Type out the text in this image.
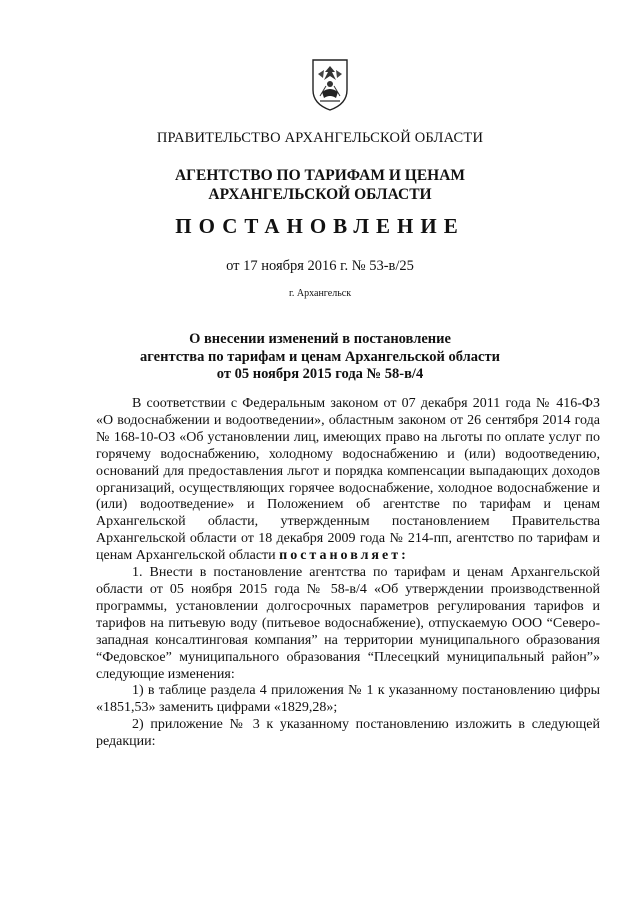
ПРАВИТЕЛЬСТВО АРХАНГЕЛЬСКОЙ ОБЛАСТИ
АГЕНТСТВО ПО ТАРИФАМ И ЦЕНАМ
АРХАНГЕЛЬСКОЙ ОБЛАСТИ
ПОСТАНОВЛЕНИЕ
от 17 ноября 2016 г. № 53-в/25
г. Архангельск
О внесении изменений в постановление
агентства по тарифам и ценам Архангельской области
от 05 ноября 2015 года № 58-в/4

В соответствии с Федеральным законом от 07 декабря 2011 года № 416-ФЗ «О водоснабжении и водоотведении», областным законом от 26 сентября 2014 года № 168-10-ОЗ «Об установлении лиц, имеющих право на льготы по оплате услуг по горячему водоснабжению, холодному водоснабжению и (или) водоотведению, оснований для предоставления льгот и порядка компенсации выпадающих доходов организаций, осуществляющих горячее водоснабжение, холодное водоснабжение и (или) водоотведение» и Положением об агентстве по тарифам и ценам Архангельской области, утвержденным постановлением Правительства Архангельской области от 18 декабря 2009 года № 214-пп, агентство по тарифам и ценам Архангельской области постановляет:

1. Внести в постановление агентства по тарифам и ценам Архангельской области от 05 ноября 2015 года № 58-в/4 «Об утверждении производственной программы, установлении долгосрочных параметров регулирования тарифов и тарифов на питьевую воду (питьевое водоснабжение), отпускаемую ООО “Северо-западная консалтинговая компания” на территории муниципального образования “Федовское” муниципального образования “Плесецкий муниципальный район”» следующие изменения:

1) в таблице раздела 4 приложения № 1 к указанному постановлению цифры «1851,53» заменить цифрами «1829,28»;

2) приложение № 3 к указанному постановлению изложить в следующей редакции:
